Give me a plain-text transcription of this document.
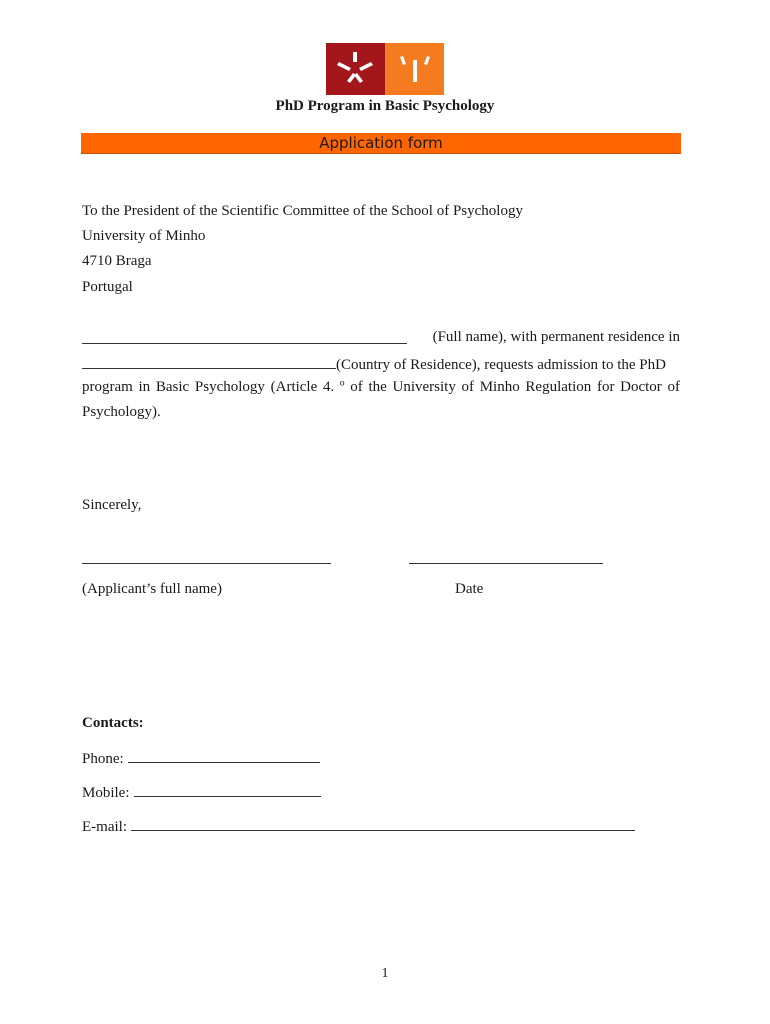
PhD Program in Basic Psychology
Application form
To the President of the Scientific Committee of the School of Psychology
University of Minho
4710 Braga
Portugal
(Full name), with permanent residence in
(Country of Residence), requests admission to the PhD
program in Basic Psychology (Article 4. º of the University of Minho Regulation for Doctor of Psychology).
Sincerely,
(Applicant’s full name)	Date
Contacts:
Phone:
Mobile:
E-mail:
1
